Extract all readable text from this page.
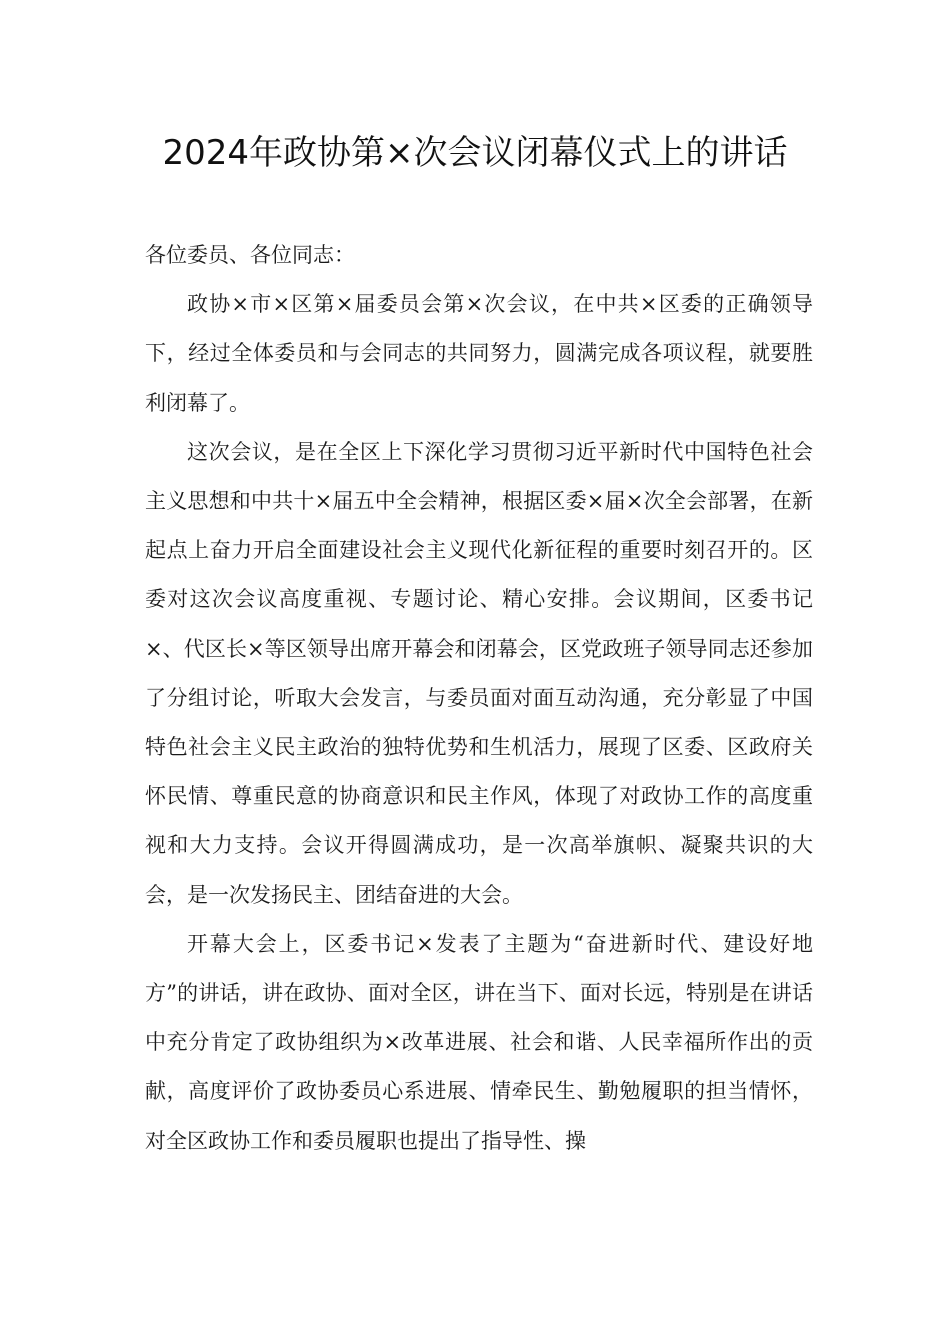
2024年政协第×次会议闭幕仪式上的讲话

各位委员、各位同志：

政协×市×区第×届委员会第×次会议，在中共×区委的正确领导下，经过全体委员和与会同志的共同努力，圆满完成各项议程，就要胜利闭幕了。

这次会议，是在全区上下深化学习贯彻习近平新时代中国特色社会主义思想和中共十×届五中全会精神，根据区委×届×次全会部署，在新起点上奋力开启全面建设社会主义现代化新征程的重要时刻召开的。区委对这次会议高度重视、专题讨论、精心安排。会议期间，区委书记×、代区长×等区领导出席开幕会和闭幕会，区党政班子领导同志还参加了分组讨论，听取大会发言，与委员面对面互动沟通，充分彰显了中国特色社会主义民主政治的独特优势和生机活力，展现了区委、区政府关怀民情、尊重民意的协商意识和民主作风，体现了对政协工作的高度重视和大力支持。会议开得圆满成功，是一次高举旗帜、凝聚共识的大会，是一次发扬民主、团结奋进的大会。

开幕大会上，区委书记×发表了主题为“奋进新时代、建设好地方”的讲话，讲在政协、面对全区，讲在当下、面对长远，特别是在讲话中充分肯定了政协组织为×改革进展、社会和谐、人民幸福所作出的贡献，高度评价了政协委员心系进展、情牵民生、勤勉履职的担当情怀，对全区政协工作和委员履职也提出了指导性、操
